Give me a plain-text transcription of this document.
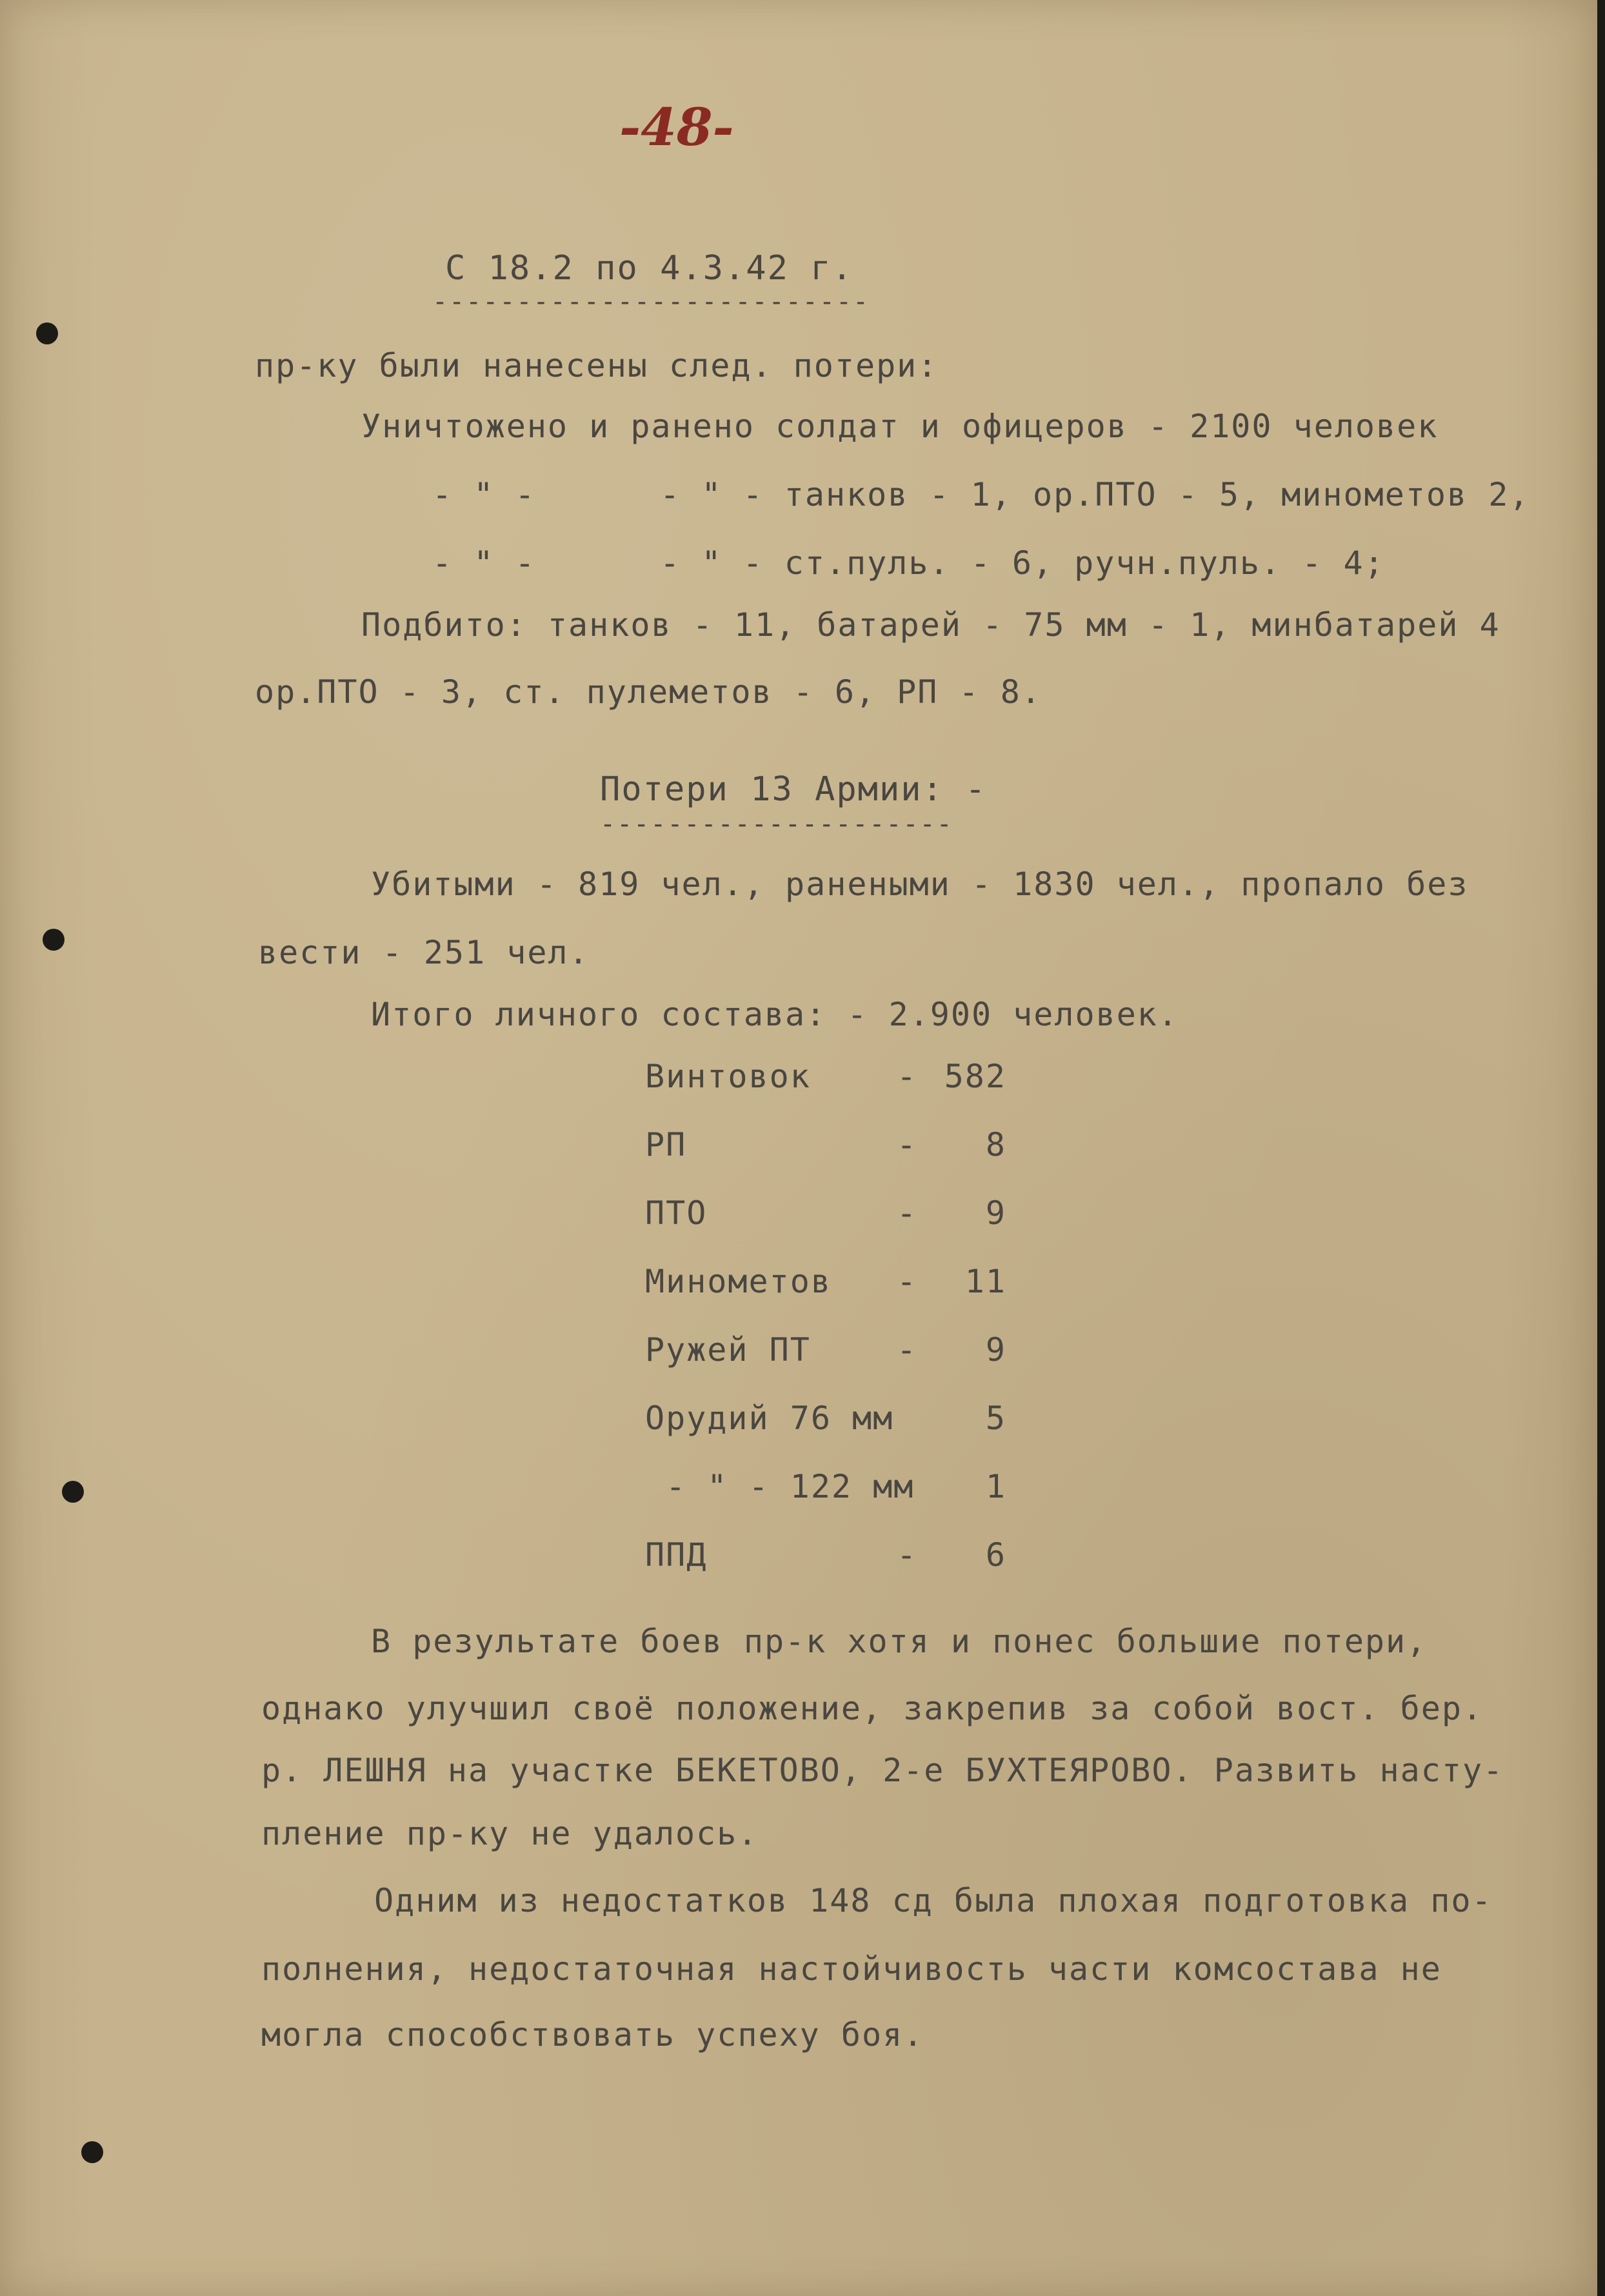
-48-
С 18.2 по 4.3.42 г.
--------------------------
пр-ку были нанесены след. потери:
Уничтожено и ранено солдат и офицеров - 2100 человек
- " -      - " - танков - 1, ор.ПТО - 5, минометов 2,
- " -      - " - ст.пуль. - 6, ручн.пуль. - 4;
Подбито: танков - 11, батарей - 75 мм - 1, минбатарей 4
ор.ПТО - 3, ст. пулеметов - 6, РП - 8.
Потери 13 Армии: -
---------------------
Убитыми - 819 чел., ранеными - 1830 чел., пропало без
вести - 251 чел.
Итого личного состава: - 2.900 человек.
Винтовок	- 582
РП	-	8
ПТО	-	9
Минометов -	11
Ружей ПТ	-	9
Орудий 76 мм	5
- " - 122 мм	1
ППД	-	6
В результате боев пр-к хотя и понес большие потери,
однако улучшил своё положение, закрепив за собой вост. бер.
р. ЛЕШНЯ на участке БЕКЕТОВО, 2-е БУХТЕЯРОВО. Развить насту-
пление пр-ку не удалось.
Одним из недостатков 148 сд была плохая подготовка по-
полнения, недостаточная настойчивость части комсостава не
могла способствовать успеху боя.
